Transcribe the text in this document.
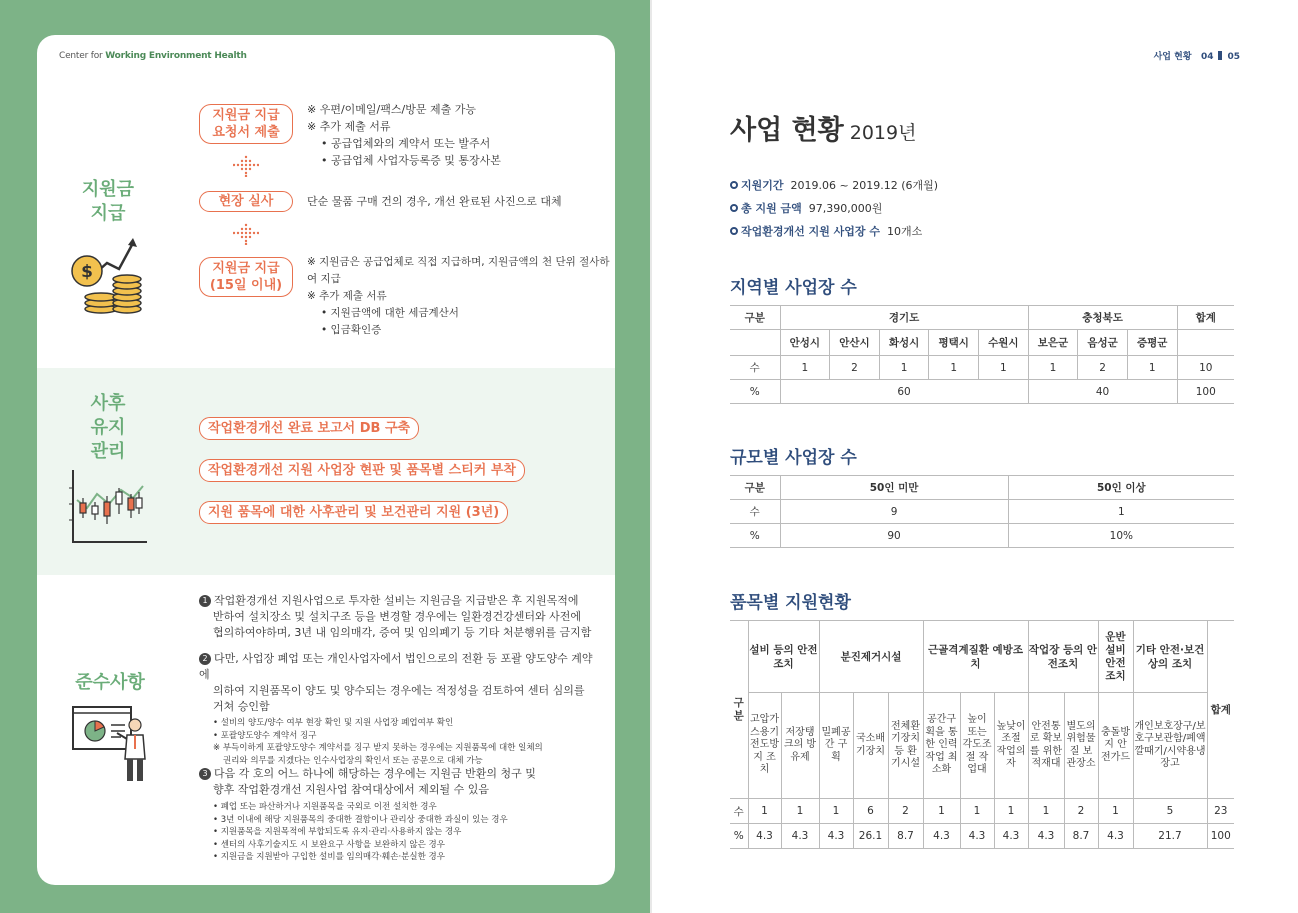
Center for Working Environment Health
지원금
지급
$
지원금 지급
요청서 제출
※ 우편/이메일/팩스/방문 제출 가능
※ 추가 제출 서류
• 공급업체와의 계약서 또는 발주서
• 공급업체 사업자등록증 및 통장사본
현장 실사	단순 물품 구매 건의 경우, 개선 완료된 사진으로 대체
지원금 지급
(15일 이내)
※ 지원금은 공급업체로 직접 지급하며, 지원금액의 천 단위 절사하여 지급
※ 추가 제출 서류
• 지원금액에 대한 세금계산서
• 입금확인증
사후
유지
관리
작업환경개선 완료 보고서 DB 구축
작업환경개선 지원 사업장 현판 및 품목별 스티커 부착
지원 품목에 대한 사후관리 및 보건관리 지원 (3년)
준수사항
1 작업환경개선 지원사업으로 투자한 설비는 지원금을 지급받은 후 지원목적에
반하여 설치장소 및 설치구조 등을 변경할 경우에는 일환경건강센터와 사전에
협의하여야하며, 3년 내 임의매각, 증여 및 임의폐기 등 기타 처분행위를 금지함
2 다만, 사업장 폐업 또는 개인사업자에서 법인으로의 전환 등 포괄 양도양수 계약에
의하여 지원품목이 양도 및 양수되는 경우에는 적정성을 검토하여 센터 심의를
거쳐 승인함
• 설비의 양도/양수 여부 현장 확인 및 지원 사업장 폐업여부 확인
• 포괄양도양수 계약서 징구
※ 부득이하게 포괄양도양수 계약서를 징구 받지 못하는 경우에는 지원품목에 대한 일체의
권리와 의무를 지겠다는 인수사업장의 확인서 또는 공문으로 대체 가능
3 다음 각 호의 어느 하나에 해당하는 경우에는 지원금 반환의 청구 및
향후 작업환경개선 지원사업 참여대상에서 제외될 수 있음
• 폐업 또는 파산하거나 지원품목을 국외로 이전 설치한 경우
• 3년 이내에 해당 지원품목의 중대한 결함이나 관리상 중대한 과실이 있는 경우
• 지원품목을 지원목적에 부합되도록 유지·관리·사용하지 않는 경우
• 센터의 사후기술지도 시 보완요구 사항을 보완하지 않은 경우
• 지원금을 지원받아 구입한 설비를 임의매각·훼손·분실한 경우
사업 현황 04 05
사업 현황 2019년
지원기간 2019.06 ~ 2019.12 (6개월)
총 지원 금액 97,390,000원
작업환경개선 지원 사업장 수 10개소
지역별 사업장 수
구분	경기도					충청북도			합계
	안성시	안산시	화성시	평택시	수원시	보은군	음성군	증평군	
수	1	2	1	1	1	1	2	1	10
%	60					40			100
규모별 사업장 수
구분	50인 미만	50인 이상
수	9	1
%	90	10%
품목별 지원현황
구분	설비 등의 안전조치		분진제거시설			근골격계질환 예방조치			작업장 등의 안전조치		운반 설비 안전 조치	기타 안전·보건상의 조치	합계
	고압가스용기 전도방지 조치	저장탱크의 방유제	밀폐공간 구획	국소배기장치	전체환기장치 등 환기시설	공간구획을 통한 인력작업 최소화	높이 또는 각도조절 작업대	높낮이 조절 작업의자	안전통로 확보를 위한 적재대	별도의 위험물질 보관장소	충돌방지 안전가드	개인보호장구/보호구보관함/폐액깔때기/시약용냉장고	
수	1	1	1	6	2	1	1	1	1	2	1	5	23
%	4.3	4.3	4.3	26.1	8.7	4.3	4.3	4.3	4.3	8.7	4.3	21.7	100
